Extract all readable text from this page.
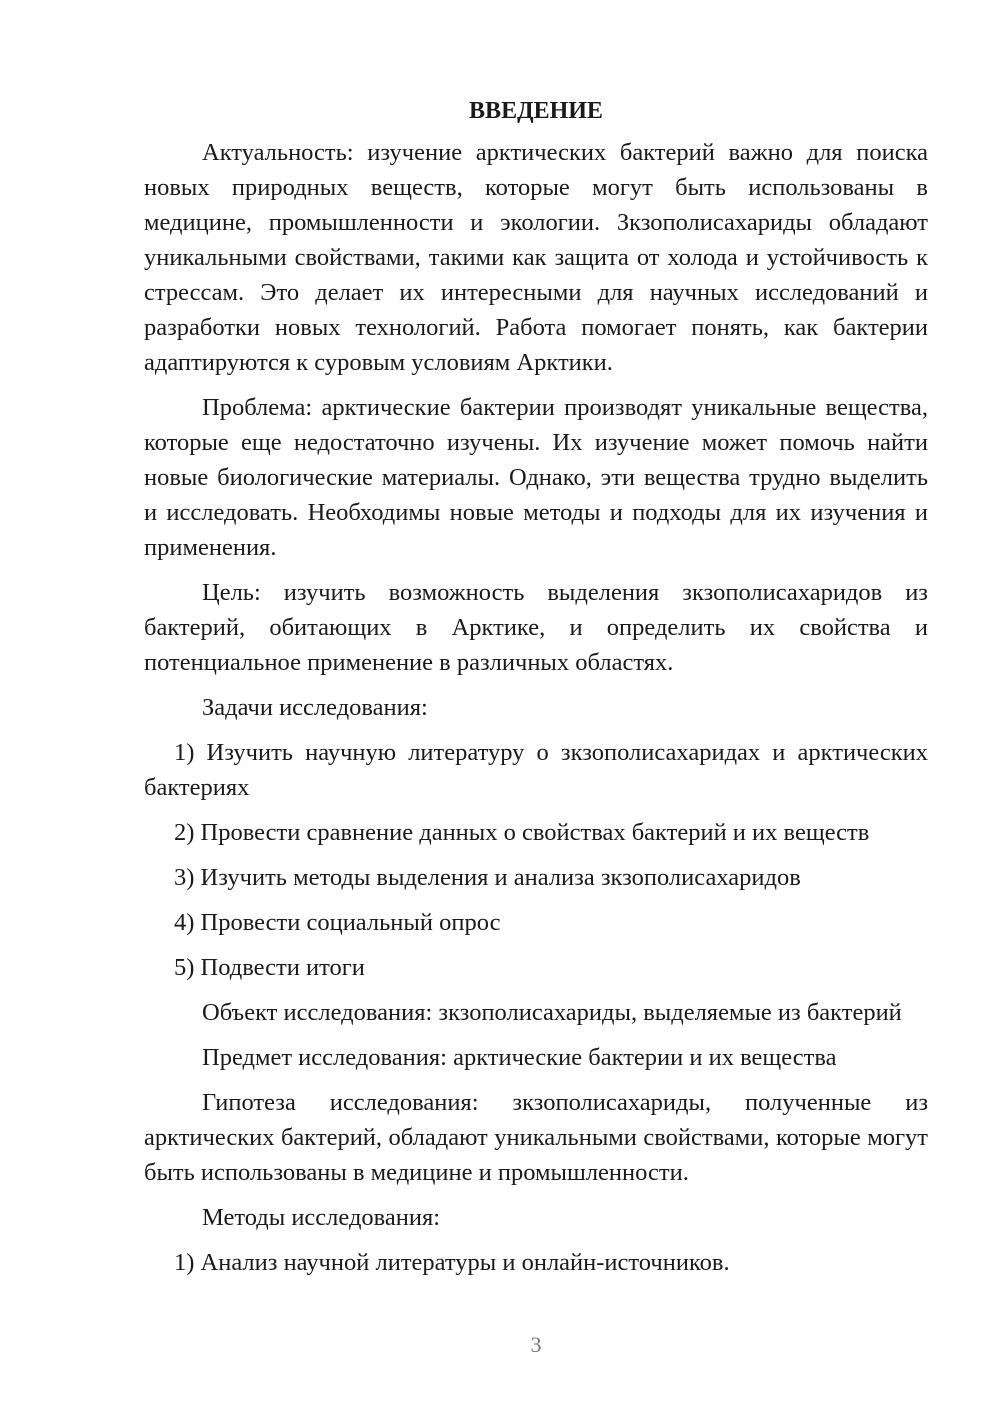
ВВЕДЕНИЕ

Актуальность: изучение арктических бактерий важно для поиска новых природных веществ, которые могут быть использованы в медицине, промышленности и экологии. Зкзополисахариды обладают уникальными свойствами, такими как защита от холода и устойчивость к стрессам. Это делает их интересными для научных исследований и разработки новых технологий. Работа помогает понять, как бактерии адаптируются к суровым условиям Арктики.

Проблема: арктические бактерии производят уникальные вещества, которые еще недостаточно изучены. Их изучение может помочь найти новые биологические материалы. Однако, эти вещества трудно выделить и исследовать. Необходимы новые методы и подходы для их изучения и применения.

Цель: изучить возможность выделения зкзополисахаридов из бактерий, обитающих в Арктике, и определить их свойства и потенциальное применение в различных областях.

Задачи исследования:

1) Изучить научную литературу о зкзополисахаридах и арктических бактериях

2) Провести сравнение данных о свойствах бактерий и их веществ

3) Изучить методы выделения и анализа зкзополисахаридов

4) Провести социальный опрос

5) Подвести итоги

Объект исследования: зкзополисахариды, выделяемые из бактерий

Предмет исследования: арктические бактерии и их вещества

Гипотеза исследования: зкзополисахариды, полученные из арктических бактерий, обладают уникальными свойствами, которые могут быть использованы в медицине и промышленности.

Методы исследования:

1) Анализ научной литературы и онлайн-источников.

3
